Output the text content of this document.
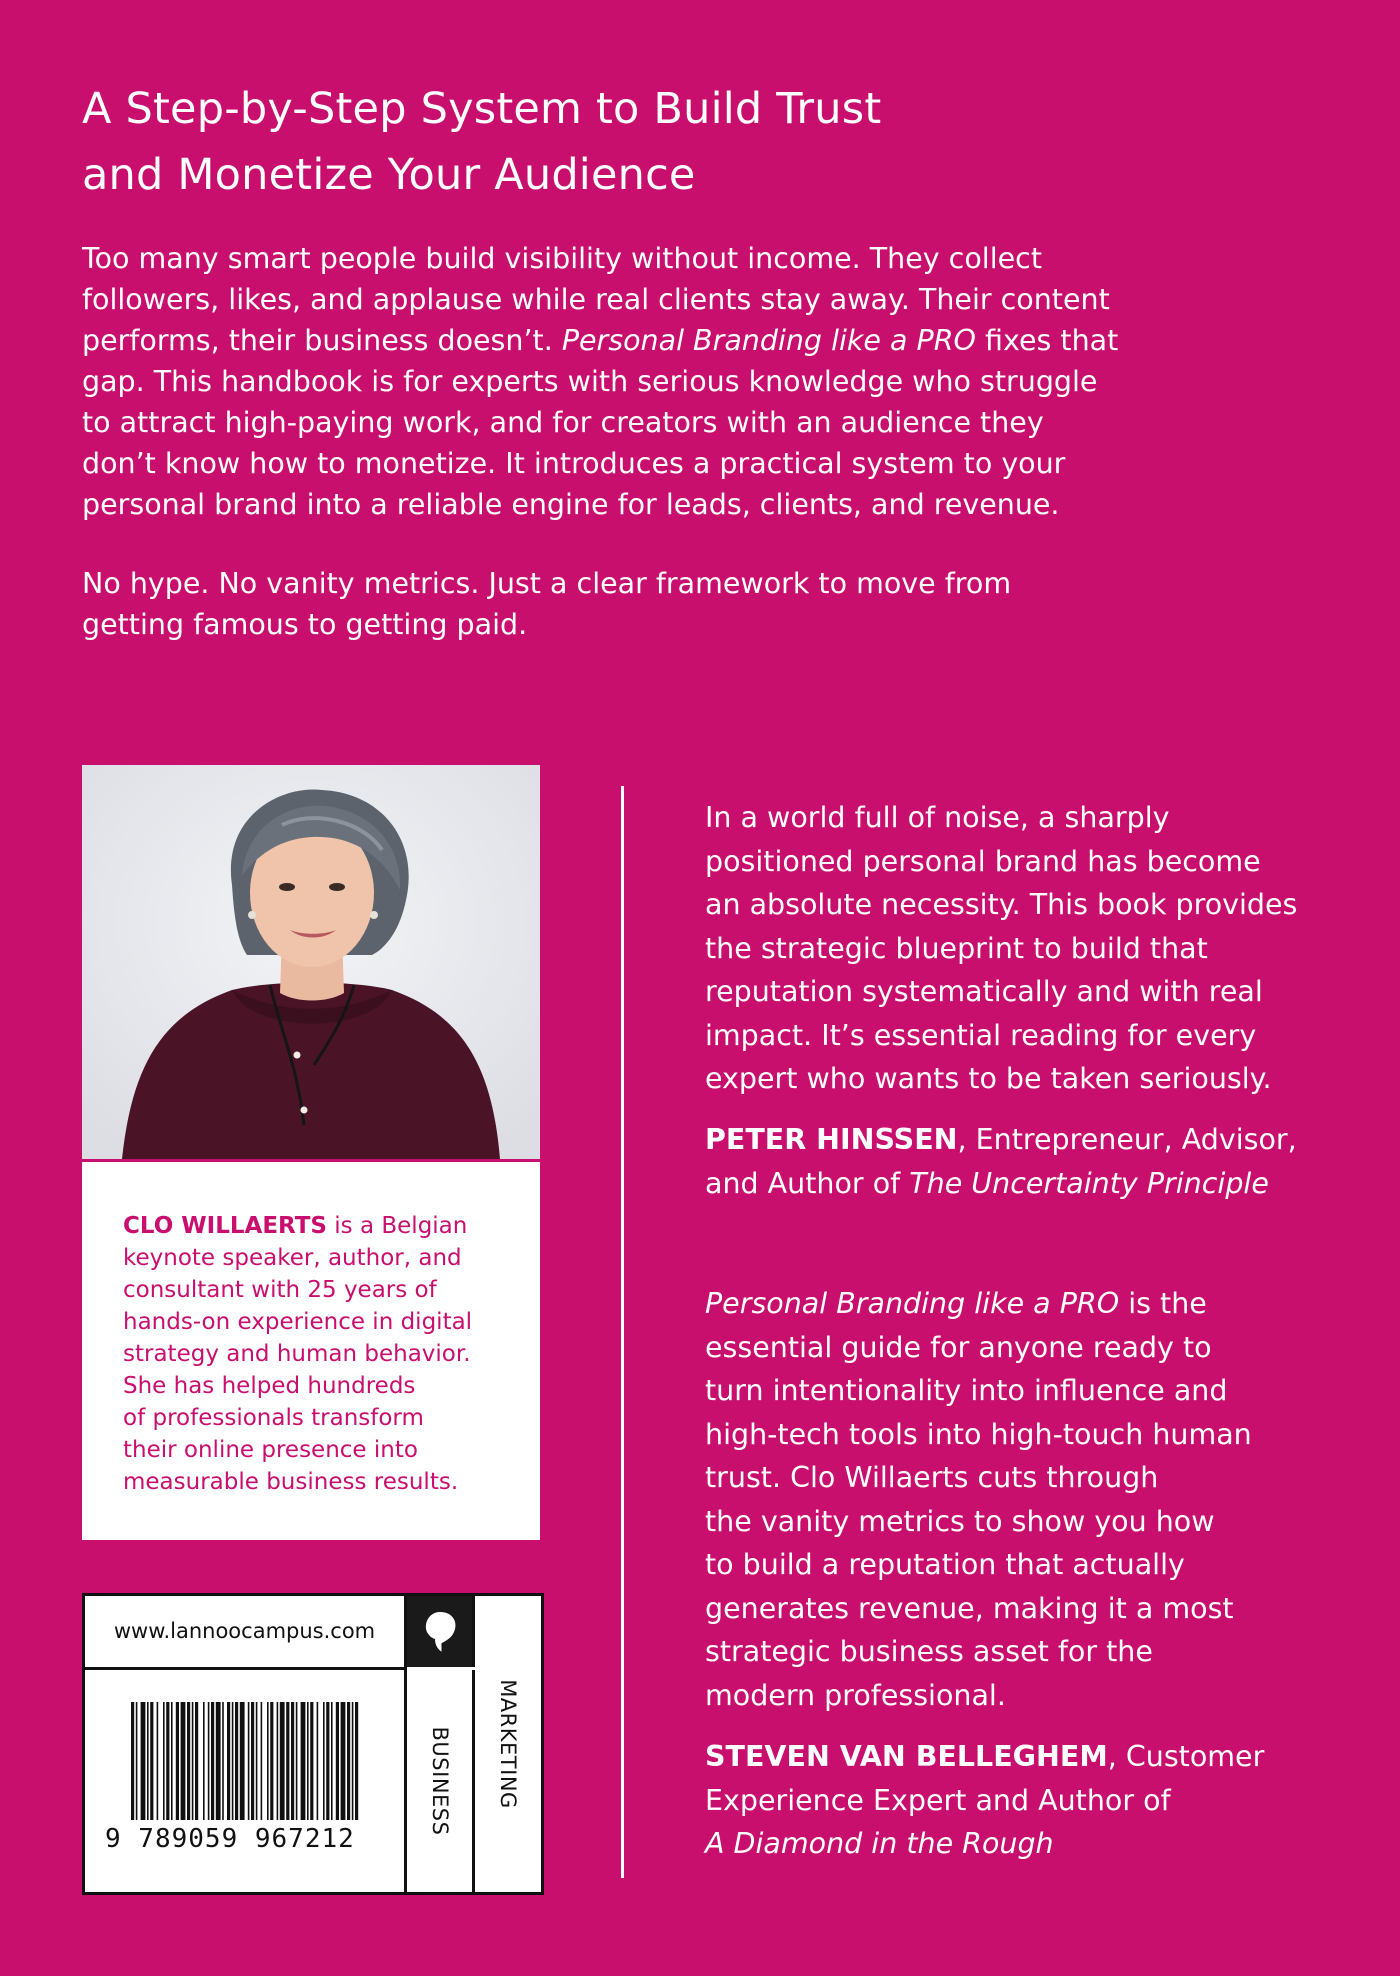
A Step-by-Step System to Build Trust
and Monetize Your Audience
Too many smart people build visibility without income. They collect
followers, likes, and applause while real clients stay away. Their content
performs, their business doesn’t. Personal Branding like a PRO fixes that
gap. This handbook is for experts with serious knowledge who struggle
to attract high-paying work, and for creators with an audience they
don’t know how to monetize. It introduces a practical system to your
personal brand into a reliable engine for leads, clients, and revenue.
No hype. No vanity metrics. Just a clear framework to move from
getting famous to getting paid.
CLO WILLAERTS is a Belgian
keynote speaker, author, and
consultant with 25 years of
hands-on experience in digital
strategy and human behavior.
She has helped hundreds
of professionals transform
their online presence into
measurable business results.
In a world full of noise, a sharply
positioned personal brand has become
an absolute necessity. This book provides
the strategic blueprint to build that
reputation systematically and with real
impact. It’s essential reading for every
expert who wants to be taken seriously.
PETER HINSSEN, Entrepreneur, Advisor,
and Author of The Uncertainty Principle
Personal Branding like a PRO is the
essential guide for anyone ready to
turn intentionality into influence and
high-tech tools into high-touch human
trust. Clo Willaerts cuts through
the vanity metrics to show you how
to build a reputation that actually
generates revenue, making it a most
strategic business asset for the
modern professional.
STEVEN VAN BELLEGHEM, Customer
Experience Expert and Author of
A Diamond in the Rough
www.lannoocampus.com
9 789059 967212
BUSINESS MARKETING
